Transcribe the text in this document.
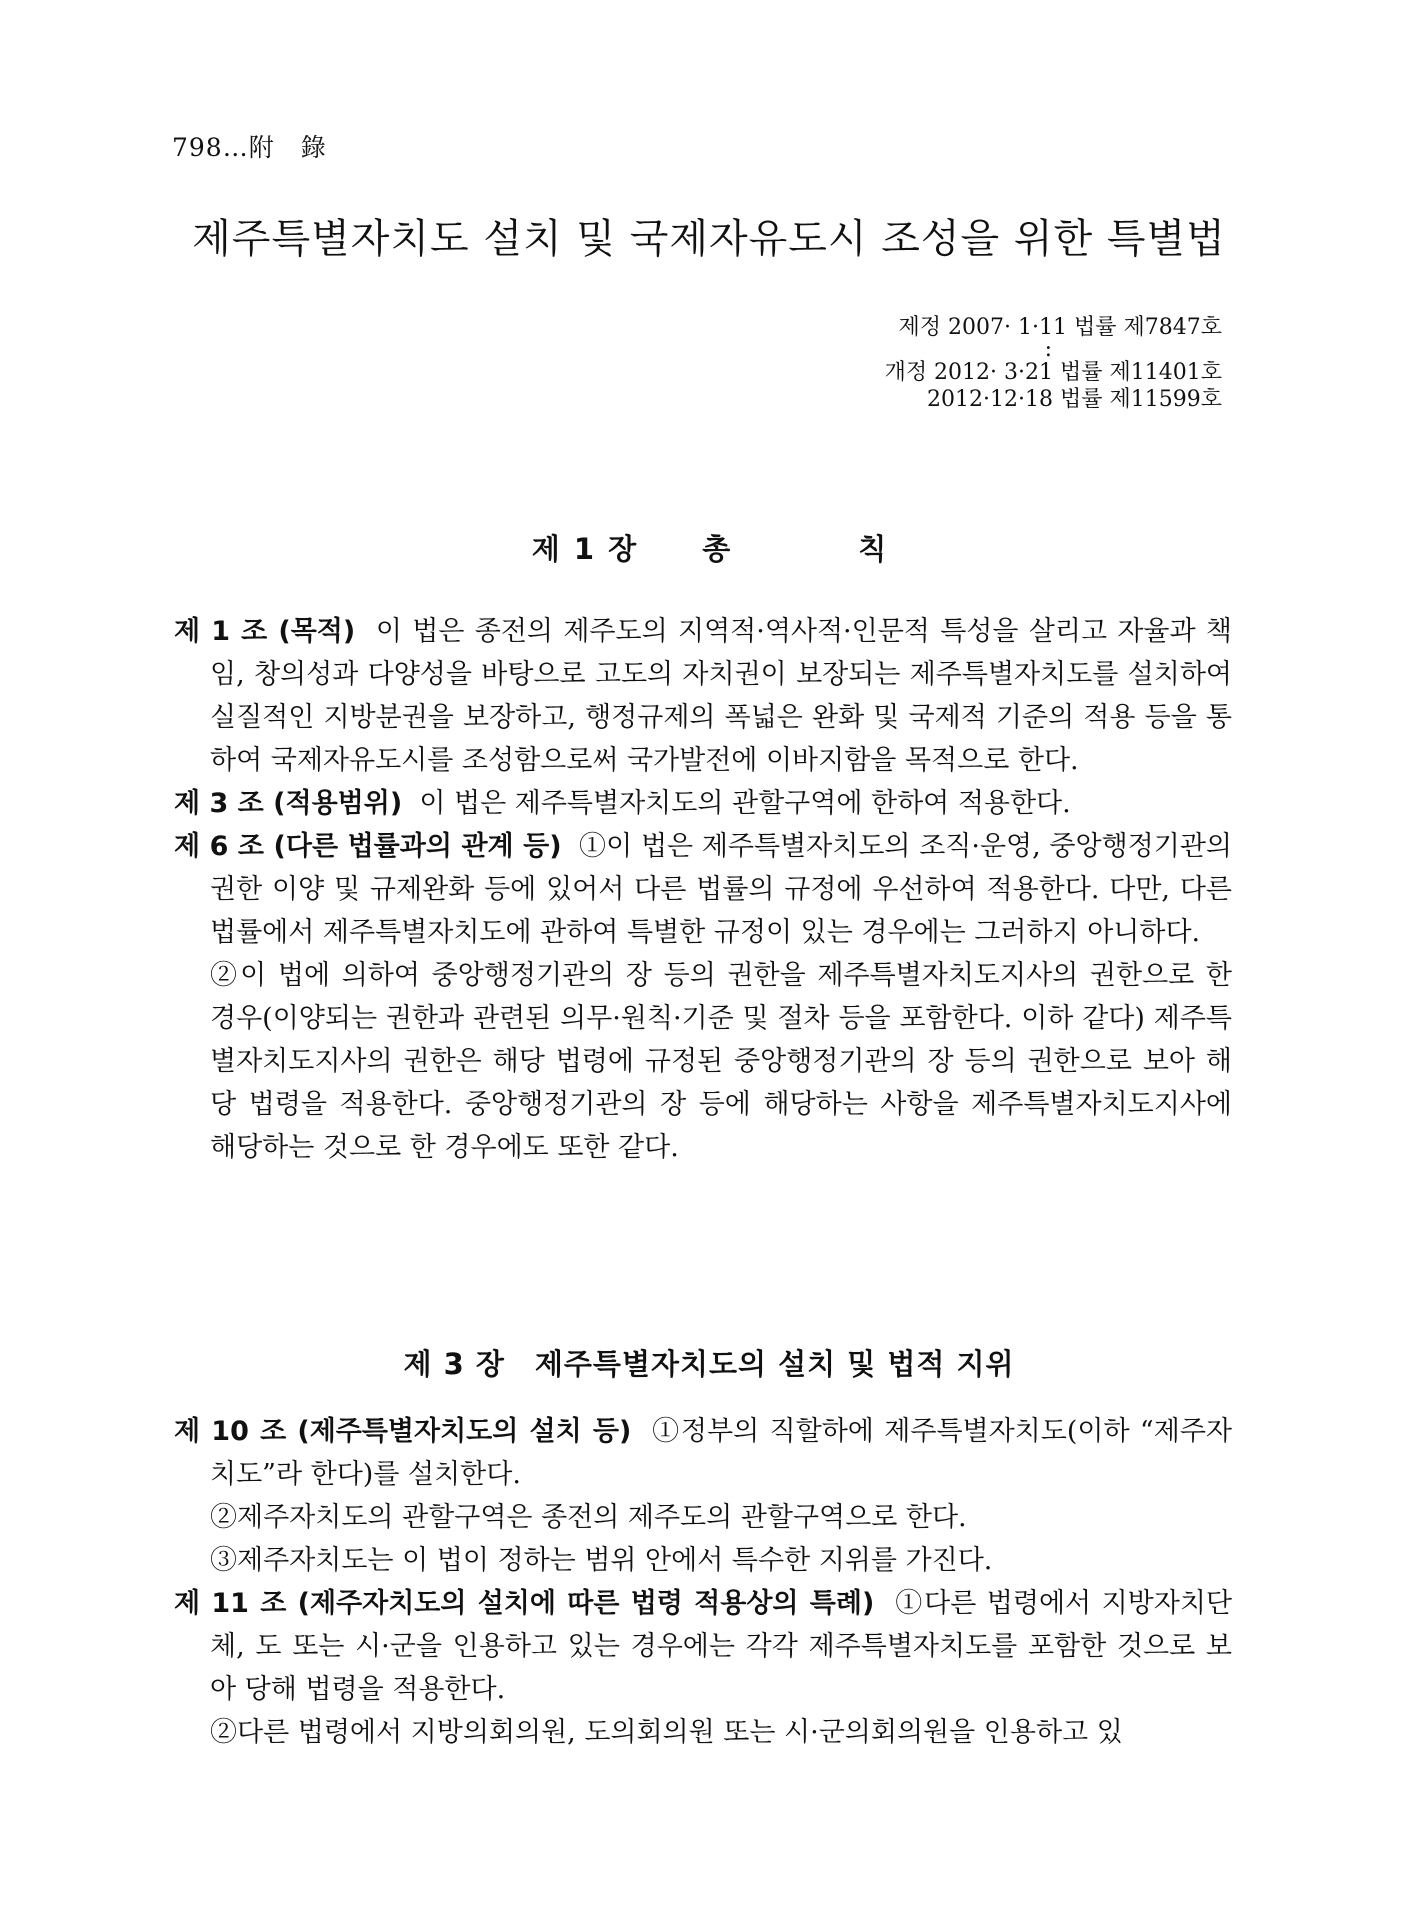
798…附　錄
제주특별자치도 설치 및 국제자유도시 조성을 위한 특별법
제정 2007· 1·11 법률 제7847호
:
개정 2012· 3·21 법률 제11401호
2012·12·18 법률 제11599호
제 1 장 총	칙

제 1 조 (목적) 이 법은 종전의 제주도의 지역적·역사적·인문적 특성을 살리고 자율과 책임, 창의성과 다양성을 바탕으로 고도의 자치권이 보장되는 제주특별자치도를 설치하여 실질적인 지방분권을 보장하고, 행정규제의 폭넓은 완화 및 국제적 기준의 적용 등을 통하여 국제자유도시를 조성함으로써 국가발전에 이바지함을 목적으로 한다.

제 3 조 (적용범위) 이 법은 제주특별자치도의 관할구역에 한하여 적용한다.

제 6 조 (다른 법률과의 관계 등) ①이 법은 제주특별자치도의 조직·운영, 중앙행정기관의 권한 이양 및 규제완화 등에 있어서 다른 법률의 규정에 우선하여 적용한다. 다만, 다른 법률에서 제주특별자치도에 관하여 특별한 규정이 있는 경우에는 그러하지 아니하다.

②이 법에 의하여 중앙행정기관의 장 등의 권한을 제주특별자치도지사의 권한으로 한 경우(이양되는 권한과 관련된 의무·원칙·기준 및 절차 등을 포함한다. 이하 같다) 제주특별자치도지사의 권한은 해당 법령에 규정된 중앙행정기관의 장 등의 권한으로 보아 해당 법령을 적용한다. 중앙행정기관의 장 등에 해당하는 사항을 제주특별자치도지사에 해당하는 것으로 한 경우에도 또한 같다.

제 3 장　제주특별자치도의 설치 및 법적 지위

제 10 조 (제주특별자치도의 설치 등) ①정부의 직할하에 제주특별자치도(이하 “제주자치도”라 한다)를 설치한다.

②제주자치도의 관할구역은 종전의 제주도의 관할구역으로 한다.

③제주자치도는 이 법이 정하는 범위 안에서 특수한 지위를 가진다.

제 11 조 (제주자치도의 설치에 따른 법령 적용상의 특례) ①다른 법령에서 지방자치단체, 도 또는 시·군을 인용하고 있는 경우에는 각각 제주특별자치도를 포함한 것으로 보아 당해 법령을 적용한다.

②다른 법령에서 지방의회의원, 도의회의원 또는 시·군의회의원을 인용하고 있
